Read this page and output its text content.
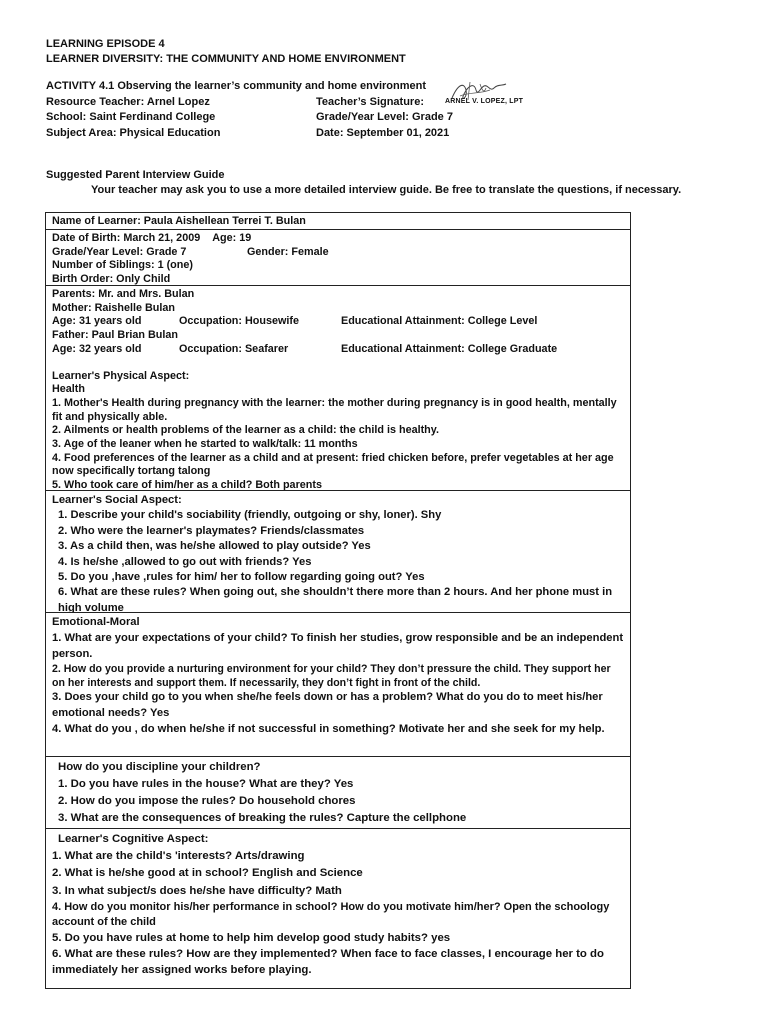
LEARNING EPISODE 4
LEARNER DIVERSITY: THE COMMUNITY AND HOME ENVIRONMENT
ACTIVITY 4.1 Observing the learner’s community and home environment
Resource Teacher: Arnel Lopez	Teacher’s Signature:
School: Saint Ferdinand College	Grade/Year Level: Grade 7
Subject Area: Physical Education	Date: September 01, 2021
ARNEL V. LOPEZ, LPT
Suggested Parent Interview Guide
Your teacher may ask you to use a more detailed interview guide. Be free to translate the questions, if necessary.
Name of Learner: Paula Aishellean Terrei T. Bulan
Date of Birth: March 21, 2009 Age: 19
Grade/Year Level: Grade 7	Gender: Female
Number of Siblings: 1 (one)
Birth Order: Only Child
Parents: Mr. and Mrs. Bulan
Mother: Raishelle Bulan
Age: 31 years old	Occupation: Housewife	Educational Attainment: College Level
Father: Paul Brian Bulan
Age: 32 years old	Occupation: Seafarer	Educational Attainment: College Graduate
Learner's Physical Aspect:
Health
1. Mother's Health during pregnancy with the learner: the mother during pregnancy is in good health, mentally fit and physically able.
2. Ailments or health problems of the learner as a child: the child is healthy.
3. Age of the leaner when he started to walk/talk: 11 months
4. Food preferences of the learner as a child and at present: fried chicken before, prefer vegetables at her age now specifically tortang talong
5. Who took care of him/her as a child? Both parents
Learner's Social Aspect:
1. Describe your child's sociability (friendly, outgoing or shy, loner). Shy
2. Who were the learner's playmates? Friends/classmates
3. As a child then, was he/she allowed to play outside? Yes
4. Is he/she ,allowed to go out with friends? Yes
5. Do you ,have ,rules for him/ her to follow regarding going out? Yes
6. What are these rules? When going out, she shouldn’t there more than 2 hours. And her phone must in high volume
Emotional-Moral
1. What are your expectations of your child? To finish her studies, grow responsible and be an independent person.
2. How do you provide a nurturing environment for your child? They don’t pressure the child. They support her on her interests and support them. If necessarily, they don’t fight in front of the child.
3. Does your child go to you when she/he feels down or has a problem? What do you do to meet his/her emotional needs? Yes
4. What do you , do when he/she if not successful in something? Motivate her and she seek for my help.
How do you discipline your children?
1. Do you have rules in the house? What are they? Yes
2. How do you impose the rules? Do household chores
3. What are the consequences of breaking the rules? Capture the cellphone
Learner's Cognitive Aspect:
1. What are the child's 'interests? Arts/drawing
2. What is he/she good at in school? English and Science
3. In what subject/s does he/she have difficulty? Math
4. How do you monitor his/her performance in school? How do you motivate him/her? Open the schoology account of the child
5. Do you have rules at home to help him develop good study habits? yes
6. What are these rules? How are they implemented? When face to face classes, I encourage her to do immediately her assigned works before playing.
